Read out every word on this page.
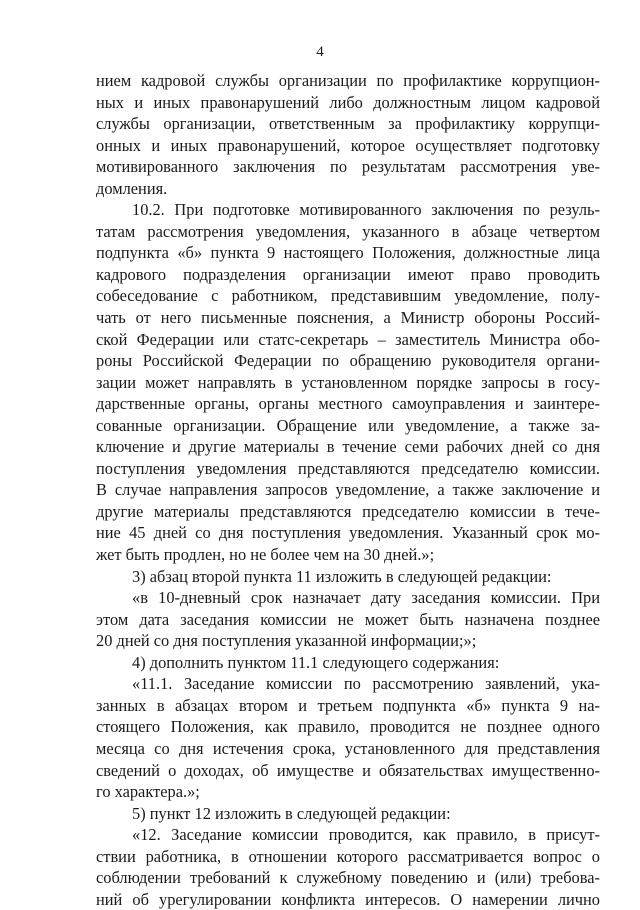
4
нием кадровой службы организации по профилактике коррупцион-
ных и иных правонарушений либо должностным лицом кадровой
службы организации, ответственным за профилактику коррупци-
онных и иных правонарушений, которое осуществляет подготовку
мотивированного заключения по результатам рассмотрения уве-
домления.
10.2. При подготовке мотивированного заключения по резуль-
татам рассмотрения уведомления, указанного в абзаце четвертом
подпункта «б» пункта 9 настоящего Положения, должностные лица
кадрового подразделения организации имеют право проводить
собеседование с работником, представившим уведомление, полу-
чать от него письменные пояснения, а Министр обороны Россий-
ской Федерации или статс-секретарь – заместитель Министра обо-
роны Российской Федерации по обращению руководителя органи-
зации может направлять в установленном порядке запросы в госу-
дарственные органы, органы местного самоуправления и заинтере-
сованные организации. Обращение или уведомление, а также за-
ключение и другие материалы в течение семи рабочих дней со дня
поступления уведомления представляются председателю комиссии.
В случае направления запросов уведомление, а также заключение и
другие материалы представляются председателю комиссии в тече-
ние 45 дней со дня поступления уведомления. Указанный срок мо-
жет быть продлен, но не более чем на 30 дней.»;
3) абзац второй пункта 11 изложить в следующей редакции:
«в 10-дневный срок назначает дату заседания комиссии. При
этом дата заседания комиссии не может быть назначена позднее
20 дней со дня поступления указанной информации;»;
4) дополнить пунктом 11.1 следующего содержания:
«11.1. Заседание комиссии по рассмотрению заявлений, ука-
занных в абзацах втором и третьем подпункта «б» пункта 9 на-
стоящего Положения, как правило, проводится не позднее одного
месяца со дня истечения срока, установленного для представления
сведений о доходах, об имуществе и обязательствах имущественно-
го характера.»;
5) пункт 12 изложить в следующей редакции:
«12. Заседание комиссии проводится, как правило, в присут-
ствии работника, в отношении которого рассматривается вопрос о
соблюдении требований к служебному поведению и (или) требова-
ний об урегулировании конфликта интересов. О намерении лично
